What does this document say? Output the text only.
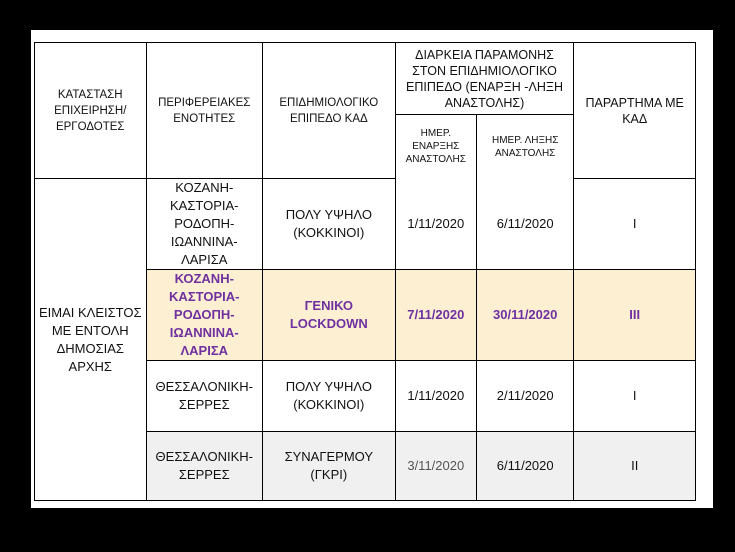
ΚΑΤΑΣΤΑΣΗ ΕΠΙΧΕΙΡΗΣΗ/ ΕΡΓΟΔΟΤΕΣ	ΠΕΡΙΦΕΡΕΙΑΚΕΣ ΕΝΟΤΗΤΕΣ	ΕΠΙΔΗΜΙΟΛΟΓΙΚΟ ΕΠΙΠΕΔΟ ΚΑΔ	ΔΙΑΡΚΕΙΑ ΠΑΡΑΜΟΝΗΣ ΣΤΟΝ ΕΠΙΔΗΜΙΟΛΟΓΙΚΟ ΕΠΙΠΕΔΟ (ΕΝΑΡΞΗ -ΛΗΞΗ ΑΝΑΣΤΟΛΗΣ)		ΠΑΡΑΡΤΗΜΑ ΜΕ ΚΑΔ
			ΗΜΕΡ. ΕΝΑΡΞΗΣ ΑΝΑΣΤΟΛΗΣ	ΗΜΕΡ. ΛΗΞΗΣ ΑΝΑΣΤΟΛΗΣ	
ΕΙΜΑΙ ΚΛΕΙΣΤΟΣ ΜΕ ΕΝΤΟΛΗ ΔΗΜΟΣΙΑΣ ΑΡΧΗΣ	ΚΟΖΑΝΗ-ΚΑΣΤΟΡΙΑ-ΡΟΔΟΠΗ-ΙΩΑΝΝΙΝΑ-ΛΑΡΙΣΑ	ΠΟΛΥ ΥΨΗΛΟ (ΚΟΚΚΙΝΟΙ)	1/11/2020	6/11/2020	I
	ΚΟΖΑΝΗ-ΚΑΣΤΟΡΙΑ-ΡΟΔΟΠΗ-ΙΩΑΝΝΙΝΑ-ΛΑΡΙΣΑ	ΓΕΝΙΚΟ LOCKDOWN	7/11/2020	30/11/2020	III
	ΘΕΣΣΑΛΟΝΙΚΗ-ΣΕΡΡΕΣ	ΠΟΛΥ ΥΨΗΛΟ (ΚΟΚΚΙΝΟΙ)	1/11/2020	2/11/2020	I
	ΘΕΣΣΑΛΟΝΙΚΗ-ΣΕΡΡΕΣ	ΣΥΝΑΓΕΡΜΟΥ (ΓΚΡΙ)	3/11/2020	6/11/2020	II
